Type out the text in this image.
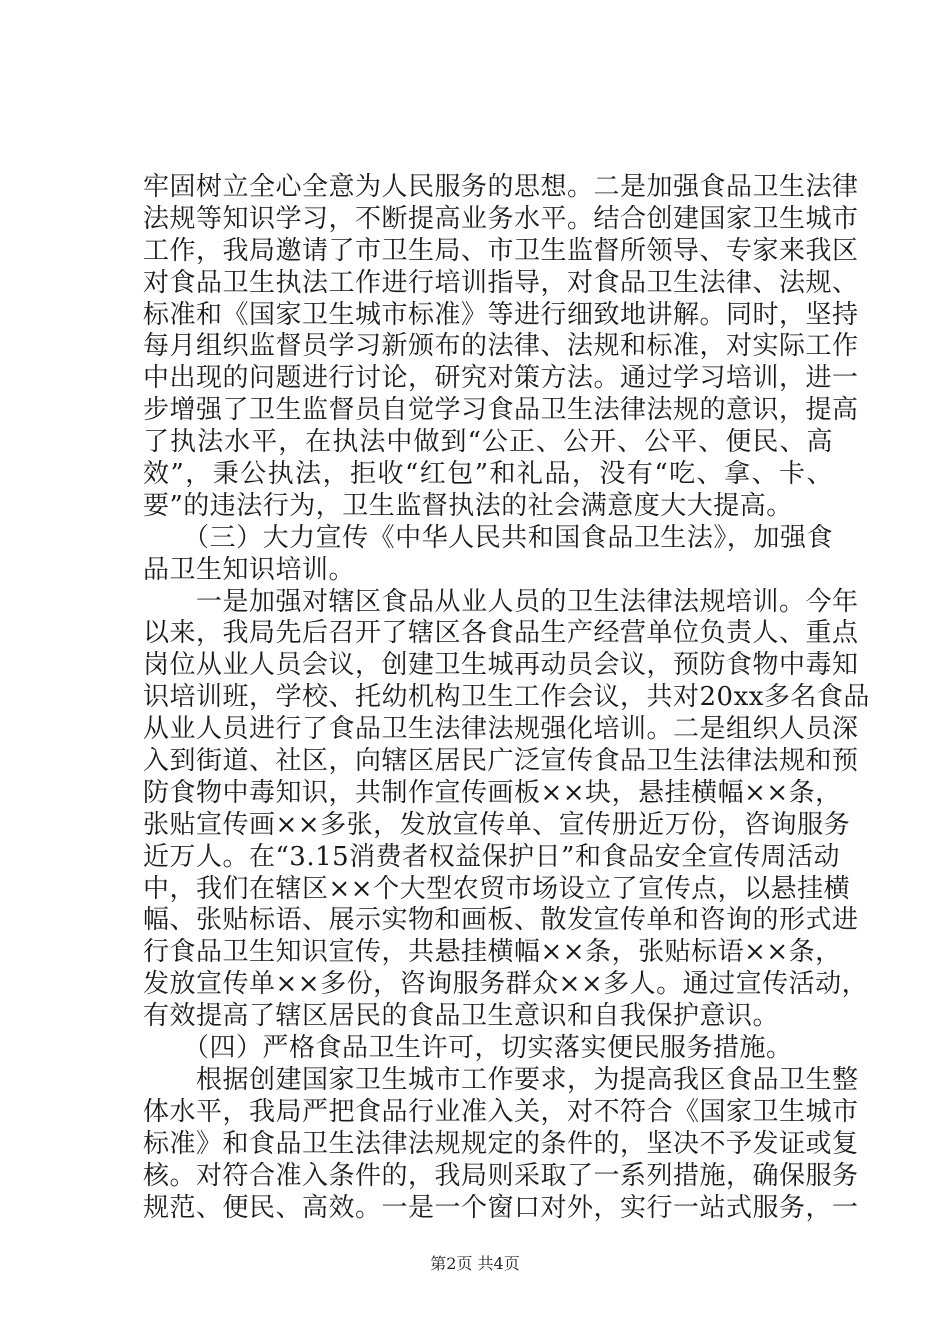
牢固树立全心全意为人民服务的思想。二是加强食品卫生法律
法规等知识学习，不断提高业务水平。结合创建国家卫生城市
工作，我局邀请了市卫生局、市卫生监督所领导、专家来我区
对食品卫生执法工作进行培训指导，对食品卫生法律、法规、
标准和《国家卫生城市标准》等进行细致地讲解。同时，坚持
每月组织监督员学习新颁布的法律、法规和标准，对实际工作
中出现的问题进行讨论，研究对策方法。通过学习培训，进一
步增强了卫生监督员自觉学习食品卫生法律法规的意识，提高
了执法水平，在执法中做到“公正、公开、公平、便民、高
效”，秉公执法，拒收“红包”和礼品，没有“吃、拿、卡、
要”的违法行为，卫生监督执法的社会满意度大大提高。
　　（三）大力宣传《中华人民共和国食品卫生法》，加强食
品卫生知识培训。
　　一是加强对辖区食品从业人员的卫生法律法规培训。今年
以来，我局先后召开了辖区各食品生产经营单位负责人、重点
岗位从业人员会议，创建卫生城再动员会议，预防食物中毒知
识培训班，学校、托幼机构卫生工作会议，共对20xx多名食品
从业人员进行了食品卫生法律法规强化培训。二是组织人员深
入到街道、社区，向辖区居民广泛宣传食品卫生法律法规和预
防食物中毒知识，共制作宣传画板××块，悬挂横幅××条，
张贴宣传画××多张，发放宣传单、宣传册近万份，咨询服务
近万人。在“3.15消费者权益保护日”和食品安全宣传周活动
中，我们在辖区××个大型农贸市场设立了宣传点，以悬挂横
幅、张贴标语、展示实物和画板、散发宣传单和咨询的形式进
行食品卫生知识宣传，共悬挂横幅××条，张贴标语××条，
发放宣传单××多份，咨询服务群众××多人。通过宣传活动，
有效提高了辖区居民的食品卫生意识和自我保护意识。
　　（四）严格食品卫生许可，切实落实便民服务措施。
　　根据创建国家卫生城市工作要求，为提高我区食品卫生整
体水平，我局严把食品行业准入关，对不符合《国家卫生城市
标准》和食品卫生法律法规规定的条件的，坚决不予发证或复
核。对符合准入条件的，我局则采取了一系列措施，确保服务
规范、便民、高效。一是一个窗口对外，实行一站式服务，一
第2页 共4页
